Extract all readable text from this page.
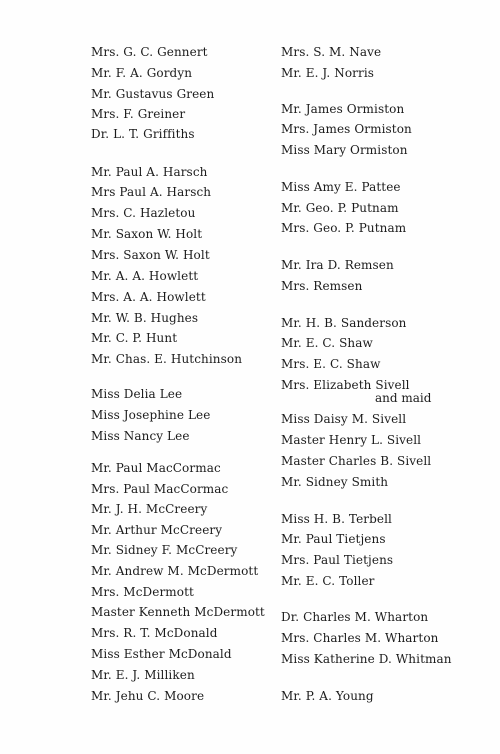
Mrs. G. C. Gennert
Mr. F. A. Gordyn
Mr. Gustavus Green
Mrs. F. Greiner
Dr. L. T. Griffiths
Mr. Paul A. Harsch
Mrs Paul A. Harsch
Mrs. C. Hazletou
Mr. Saxon W. Holt
Mrs. Saxon W. Holt
Mr. A. A. Howlett
Mrs. A. A. Howlett
Mr. W. B. Hughes
Mr. C. P. Hunt
Mr. Chas. E. Hutchinson
Miss Delia Lee
Miss Josephine Lee
Miss Nancy Lee
Mr. Paul MacCormac
Mrs. Paul MacCormac
Mr. J. H. McCreery
Mr. Arthur McCreery
Mr. Sidney F. McCreery
Mr. Andrew M. McDermott
Mrs. McDermott
Master Kenneth McDermott
Mrs. R. T. McDonald
Miss Esther McDonald
Mr. E. J. Milliken
Mr. Jehu C. Moore
Mrs. S. M. Nave
Mr. E. J. Norris
Mr. James Ormiston
Mrs. James Ormiston
Miss Mary Ormiston
Miss Amy E. Pattee
Mr. Geo. P. Putnam
Mrs. Geo. P. Putnam
Mr. Ira D. Remsen
Mrs. Remsen
Mr. H. B. Sanderson
Mr. E. C. Shaw
Mrs. E. C. Shaw
Mrs. Elizabeth Sivell
and maid
Miss Daisy M. Sivell
Master Henry L. Sivell
Master Charles B. Sivell
Mr. Sidney Smith
Miss H. B. Terbell
Mr. Paul Tietjens
Mrs. Paul Tietjens
Mr. E. C. Toller
Dr. Charles M. Wharton
Mrs. Charles M. Wharton
Miss Katherine D. Whitman
Mr. P. A. Young
